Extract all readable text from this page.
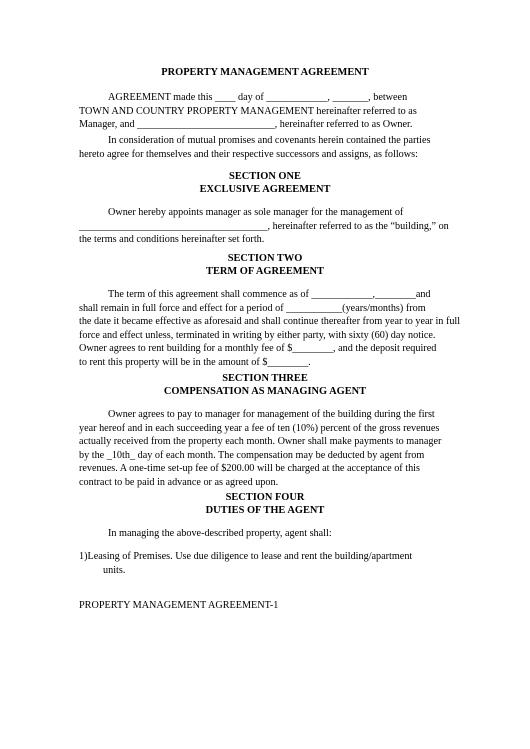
PROPERTY MANAGEMENT AGREEMENT
AGREEMENT made this ____ day of ____________, _______, between
TOWN AND COUNTRY PROPERTY MANAGEMENT hereinafter referred to as
Manager, and ___________________________, hereinafter referred to as Owner.
In consideration of mutual promises and covenants herein contained the parties
hereto agree for themselves and their respective successors and assigns, as follows:
SECTION ONE
EXCLUSIVE AGREEMENT
Owner hereby appoints manager as sole manager for the management of
_____________________________________, hereinafter referred to as the “building,” on
the terms and conditions hereinafter set forth.
SECTION TWO
TERM OF AGREEMENT
The term of this agreement shall commence as of ____________,________and
shall remain in full force and effect for a period of ___________(years/months) from
the date it became effective as aforesaid and shall continue thereafter from year to year in full
force and effect unless, terminated in writing by either party, with sixty (60) day notice.
Owner agrees to rent building for a monthly fee of $________, and the deposit required
to rent this property will be in the amount of $________.
SECTION THREE
COMPENSATION AS MANAGING AGENT
Owner agrees to pay to manager for management of the building during the first
year hereof and in each succeeding year a fee of ten (10%) percent of the gross revenues
actually received from the property each month. Owner shall make payments to manager
by the _10th_ day of each month. The compensation may be deducted by agent from
revenues. A one-time set-up fee of $200.00 will be charged at the acceptance of this
contract to be paid in advance or as agreed upon.
SECTION FOUR
DUTIES OF THE AGENT
In managing the above-described property, agent shall:
1)Leasing of Premises. Use due diligence to lease and rent the building/apartment
units.
PROPERTY MANAGEMENT AGREEMENT-1
